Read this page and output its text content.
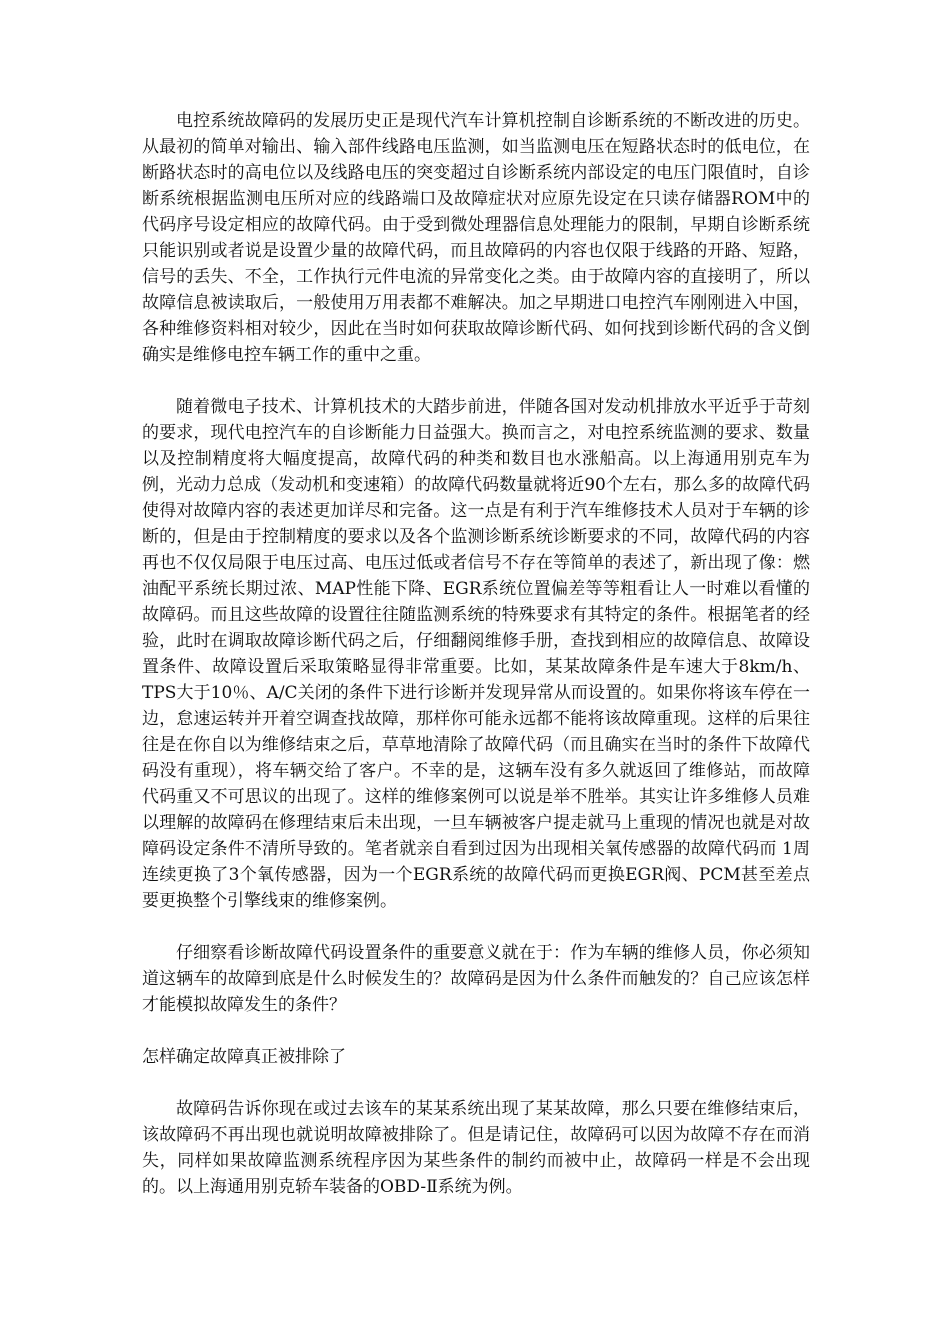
电控系统故障码的发展历史正是现代汽车计算机控制自诊断系统的不断改进的历史。从最初的简单对输出、输入部件线路电压监测，如当监测电压在短路状态时的低电位，在断路状态时的高电位以及线路电压的突变超过自诊断系统内部设定的电压门限值时，自诊断系统根据监测电压所对应的线路端口及故障症状对应原先设定在只读存储器ROM中的代码序号设定相应的故障代码。由于受到微处理器信息处理能力的限制，早期自诊断系统只能识别或者说是设置少量的故障代码，而且故障码的内容也仅限于线路的开路、短路，信号的丢失、不全，工作执行元件电流的异常变化之类。由于故障内容的直接明了，所以故障信息被读取后，一般使用万用表都不难解决。加之早期进口电控汽车刚刚进入中国，各种维修资料相对较少，因此在当时如何获取故障诊断代码、如何找到诊断代码的含义倒确实是维修电控车辆工作的重中之重。

随着微电子技术、计算机技术的大踏步前进，伴随各国对发动机排放水平近乎于苛刻的要求，现代电控汽车的自诊断能力日益强大。换而言之，对电控系统监测的要求、数量以及控制精度将大幅度提高，故障代码的种类和数目也水涨船高。以上海通用别克车为例，光动力总成（发动机和变速箱）的故障代码数量就将近90个左右，那么多的故障代码使得对故障内容的表述更加详尽和完备。这一点是有利于汽车维修技术人员对于车辆的诊断的，但是由于控制精度的要求以及各个监测诊断系统诊断要求的不同，故障代码的内容再也不仅仅局限于电压过高、电压过低或者信号不存在等简单的表述了，新出现了像：燃油配平系统长期过浓、MAP性能下降、EGR系统位置偏差等等粗看让人一时难以看懂的故障码。而且这些故障的设置往往随监测系统的特殊要求有其特定的条件。根据笔者的经验，此时在调取故障诊断代码之后，仔细翻阅维修手册，查找到相应的故障信息、故障设置条件、故障设置后采取策略显得非常重要。比如，某某故障条件是车速大于8km/h、TPS大于10％、A/C关闭的条件下进行诊断并发现异常从而设置的。如果你将该车停在一边，怠速运转并开着空调查找故障，那样你可能永远都不能将该故障重现。这样的后果往往是在你自以为维修结束之后，草草地清除了故障代码（而且确实在当时的条件下故障代码没有重现），将车辆交给了客户。不幸的是，这辆车没有多久就返回了维修站，而故障代码重又不可思议的出现了。这样的维修案例可以说是举不胜举。其实让许多维修人员难以理解的故障码在修理结束后未出现，一旦车辆被客户提走就马上重现的情况也就是对故障码设定条件不清所导致的。笔者就亲自看到过因为出现相关氧传感器的故障代码而 1周连续更换了3个氧传感器，因为一个EGR系统的故障代码而更换EGR阀、PCM甚至差点要更换整个引擎线束的维修案例。

仔细察看诊断故障代码设置条件的重要意义就在于：作为车辆的维修人员，你必须知道这辆车的故障到底是什么时候发生的？故障码是因为什么条件而触发的？自己应该怎样才能模拟故障发生的条件？

怎样确定故障真正被排除了

故障码告诉你现在或过去该车的某某系统出现了某某故障，那么只要在维修结束后，该故障码不再出现也就说明故障被排除了。但是请记住，故障码可以因为故障不存在而消失，同样如果故障监测系统程序因为某些条件的制约而被中止，故障码一样是不会出现的。以上海通用别克轿车装备的OBD-Ⅱ系统为例。
